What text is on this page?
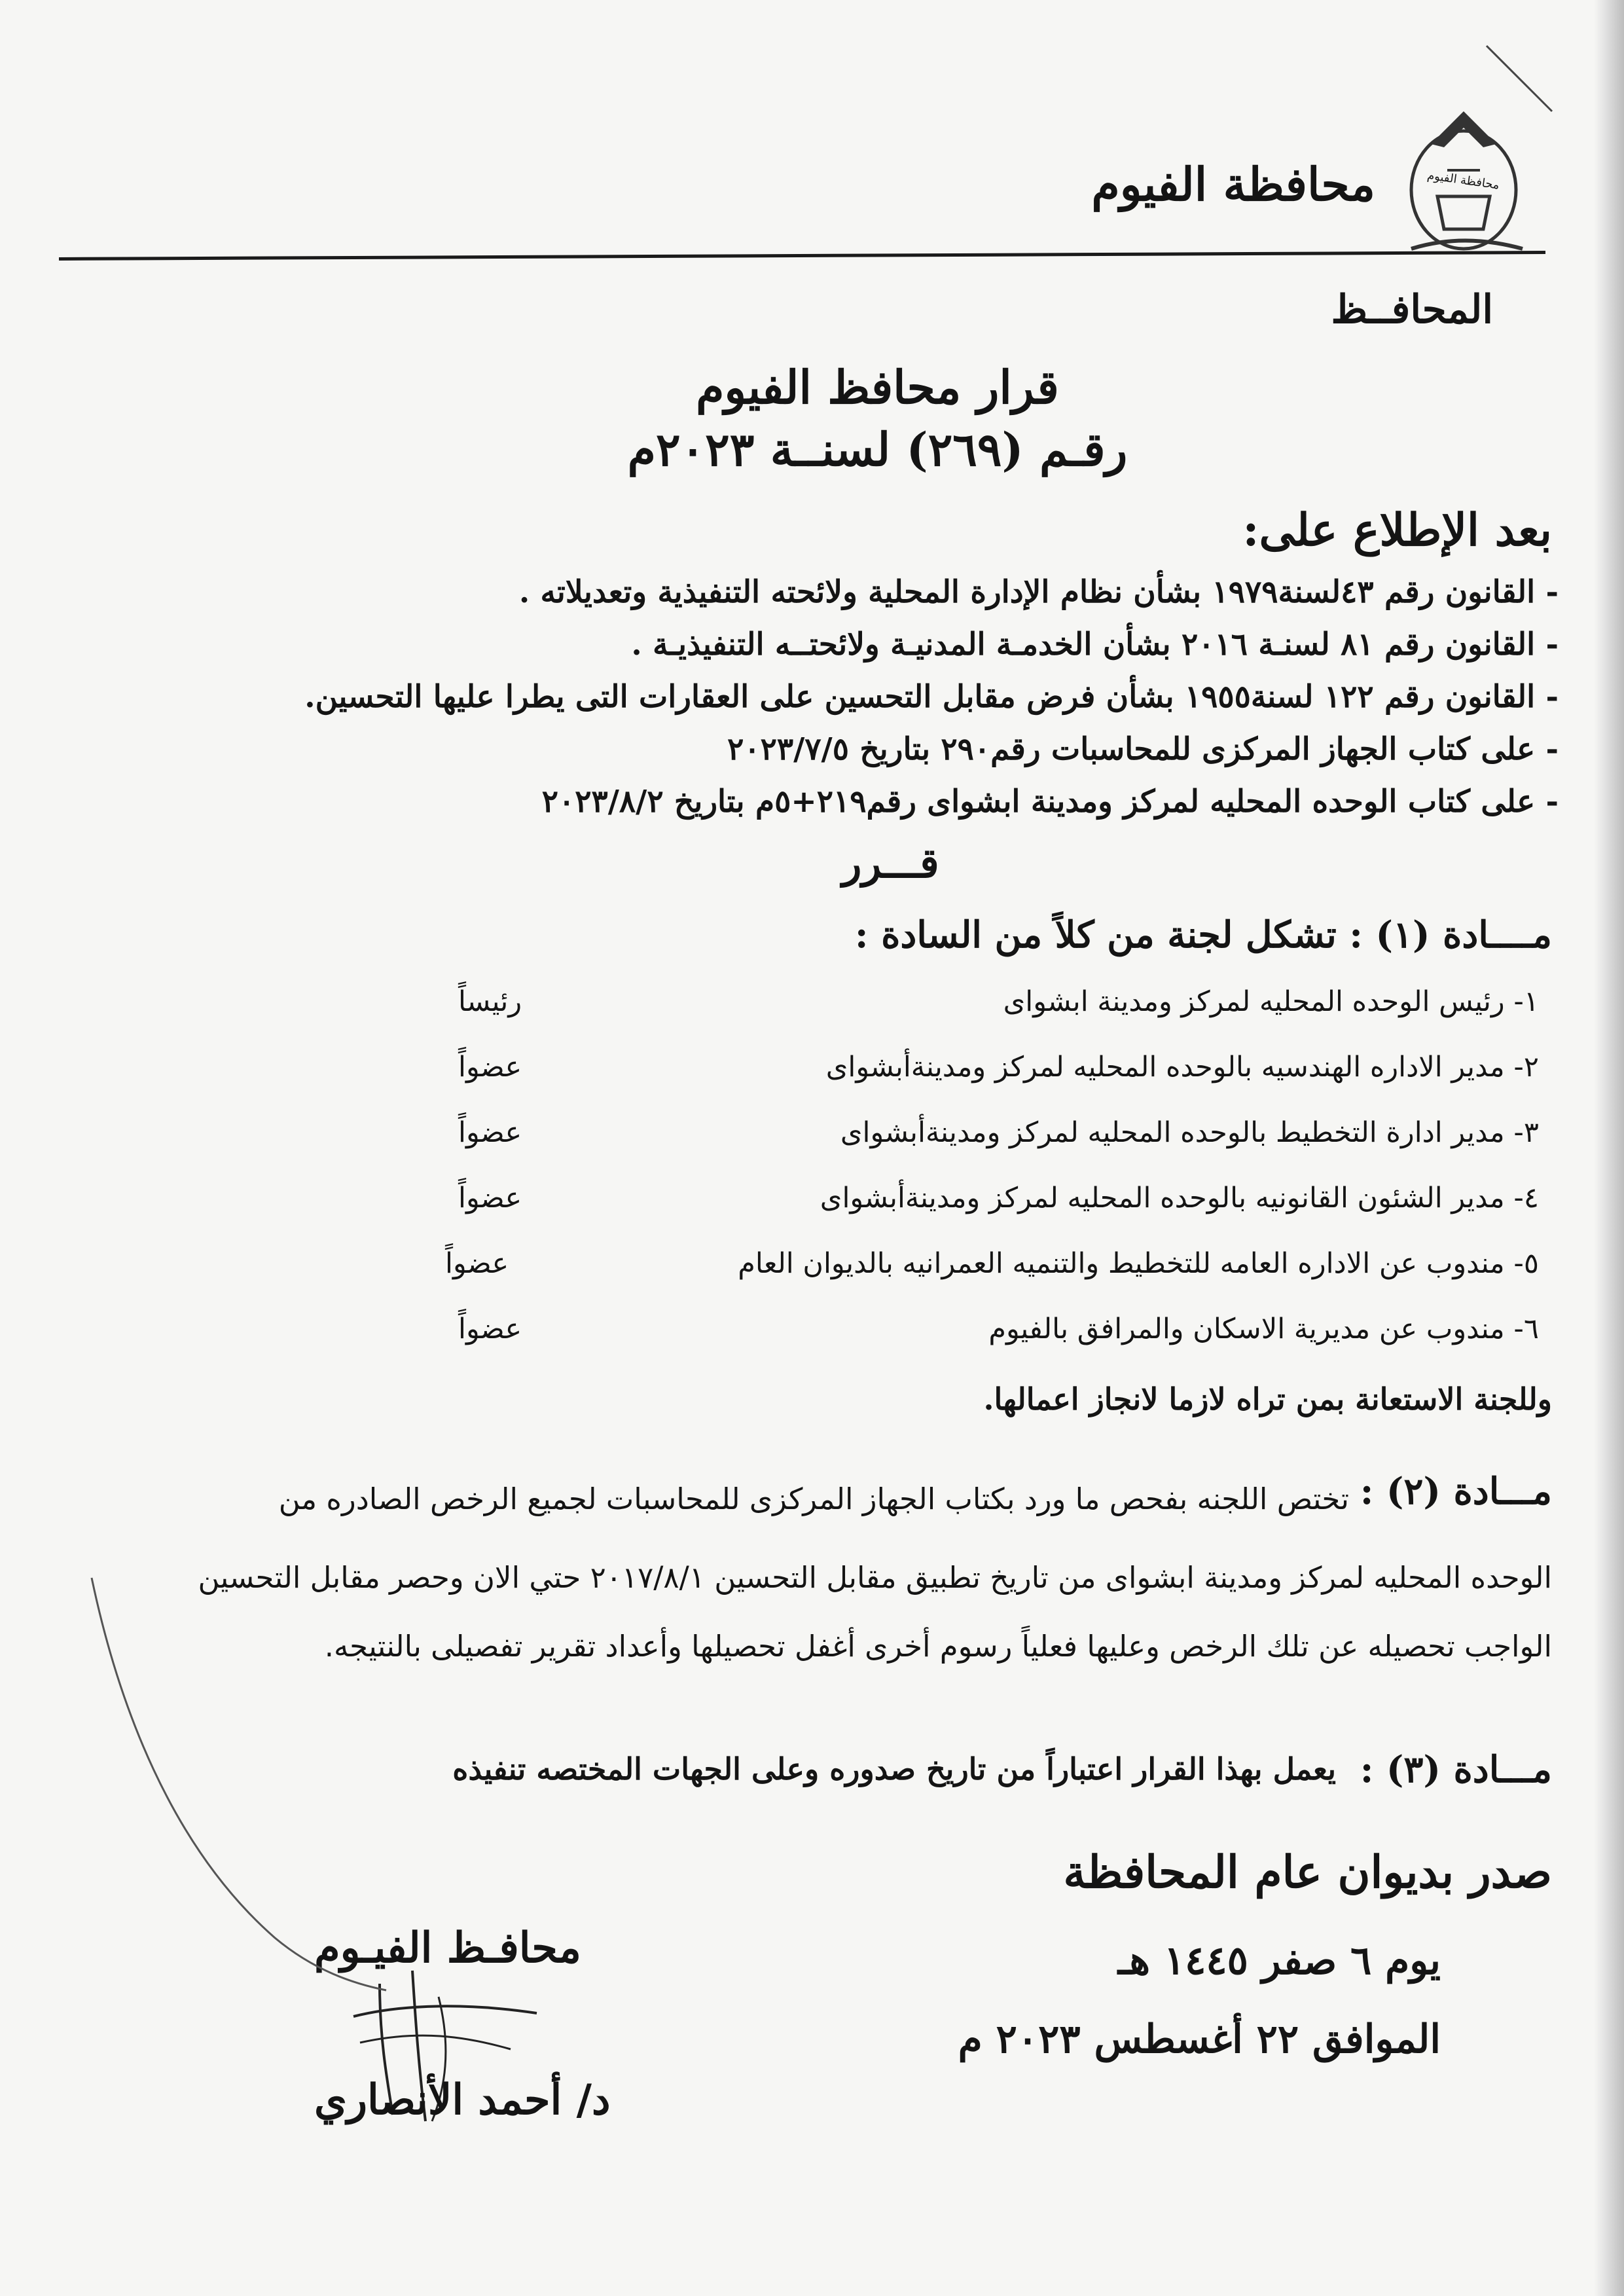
محافظة الفيوم
محافظة الفيوم
المحافــظ
قرار محافظ الفيوم
رقـم (٢٦٩) لسنــة ٢٠٢٣م
بعد الإطلاع على:
- القانون رقم ٤٣لسنة١٩٧٩ بشأن نظام الإدارة المحلية ولائحته التنفيذية وتعديلاته .
- القانون رقم ٨١ لسنـة ٢٠١٦ بشأن الخدمـة المدنيـة ولائحتــه التنفيذيـة .
- القانون رقم ١٢٢ لسنة١٩٥٥ بشأن فرض مقابل التحسين على العقارات التى يطرا عليها التحسين.
- على كتاب الجهاز المركزى للمحاسبات رقم٢٩٠ بتاريخ ٢٠٢٣/٧/٥
- على كتاب الوحده المحليه لمركز ومدينة ابشواى رقم٢١٩+٥م بتاريخ ٢٠٢٣/٨/٢
قـــرر
مــــادة (١) : تشكل لجنة من كلاً من السادة :
١- رئيس الوحده المحليه لمركز ومدينة ابشواى
٢- مدير الاداره الهندسيه بالوحده المحليه لمركز ومدينةأبشواى
٣- مدير ادارة التخطيط بالوحده المحليه لمركز ومدينةأبشواى
٤- مدير الشئون القانونيه بالوحده المحليه لمركز ومدينةأبشواى
٥- مندوب عن الاداره العامه للتخطيط والتنميه العمرانيه بالديوان العام
٦- مندوب عن مديرية الاسكان والمرافق بالفيوم
رئيساً
عضواً
عضواً
عضواً
عضواً
عضواً
وللجنة الاستعانة بمن تراه لازما لانجاز اعمالها.
مـــادة (٢) :
تختص اللجنه بفحص ما ورد بكتاب الجهاز المركزى للمحاسبات لجميع الرخص الصادره من
الوحده المحليه لمركز ومدينة ابشواى من تاريخ تطبيق مقابل التحسين ٢٠١٧/٨/١ حتي الان وحصر مقابل التحسين
الواجب تحصيله عن تلك الرخص وعليها فعلياً رسوم أخرى أغفل تحصيلها وأعداد تقرير تفصيلى بالنتيجه.
مـــادة (٣) :
يعمل بهذا القرار اعتباراً من تاريخ صدوره وعلى الجهات المختصه تنفيذه
صدر بديوان عام المحافظة
يوم ٦ صفر ١٤٤٥ هـ
الموافق ٢٢ أغسطس ٢٠٢٣ م
محافـظ الفيـوم
د/ أحمد الأنصاري
